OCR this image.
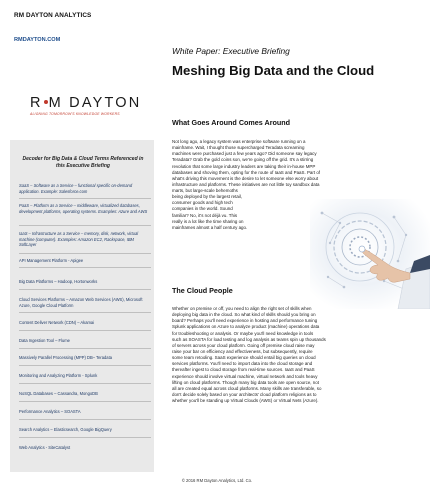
RM DAYTON ANALYTICS
RMDAYTON.COM
White Paper: Executive Briefing
Meshing Big Data and the Cloud
R M DAYTON
ALIGNING TOMORROW'S KNOWLEDGE WORKERS
Decoder for Big Data & Cloud Terms Referenced in this Executive Briefing
SaaS – Software as a Service – functional specific on-demand application. Example: Salesforce.com
PaaS – Platform as a Service – middleware, virtualized databases, development platforms, operating systems. Examples: Azure and AWS
IaaS – Infrastructure as a Service – memory, disk, network, virtual machine (computer). Examples: Amazon EC2, Rackspace, IBM SoftLayer
API Management Platform - Apigee
Big Data Platforms – Hadoop, Hortonworks
Cloud Services Platforms – Amazon Web Services (AWS), Microsoft Azure, Google Cloud Platform
Content Deliver Network (CDN) – Akamai
Data Ingestion Tool – Flume
Massively Parallel Processing (MPP) DB– Teradata
Monitoring and Analyzing Platform - Splunk
NoSQL Databases – Cassandra, MongoDB
Performance Analytics – SOASTA
Search Analytics – Elasticsearch, Google BigQuery
Web Analytics - SiteCatalyst
What Goes Around Comes Around
Not long ago, a legacy system was enterprise software running on a
mainframe. Wait, I thought those supercharged Teradata screaming
machines were purchased just a few years ago? Did someone say legacy
Teradata? Grab the gold coins son, we're going off the grid. It's a stirring
revolution that some large industry leaders are taking their in-house MPP
databases and shoving them, opting for the route of IaaS and PaaS. Part of
what's driving this movement is the desire to let someone else worry about
infrastructure and platforms. These initiatives are not little toy sandbox data
marts, but large-scale behemoths
being deployed by the largest retail,
consumer goods and high tech
companies in the world. Sound
familiar? No, it's not déjà vu. This
really is a lot like the time sharing on
mainframes almost a half century ago.
The Cloud People
Whether on premise or off, you need to align the right set of skills when
deploying big data in the cloud. So what kind of skills should you bring on
board? Perhaps you'll need experience in hosting and performance tuning
Splunk applications on Azure to analyze product (machine) operations data
for troubleshooting or analysis. Or maybe you'll need knowledge in tools
such as SOASTA for load testing and log analysis as teams spin up thousands
of servers across your cloud platform. Going off premise cloud raise may
raise your bar on efficiency and effectiveness, but subsequently, require
some team retooling. SaaS experience should entail big queries on cloud
services platforms. You'll need to import data into the cloud storage and
thereafter ingest to cloud storage from real-time sources. IaaS and PaaS
experience should involve virtual machine, virtual network and tools heavy
lifting on cloud platforms. Though many big data tools are open source, not
all are created equal across cloud platforms. Many skills are transferable, so
don't decide solely based on your architects' cloud platform religions as to
whether you'll be standing up Virtual Clouds (AWS) or Virtual Nets (Azure).
© 2016 RM Dayton Analytics, Ltd. Co.
